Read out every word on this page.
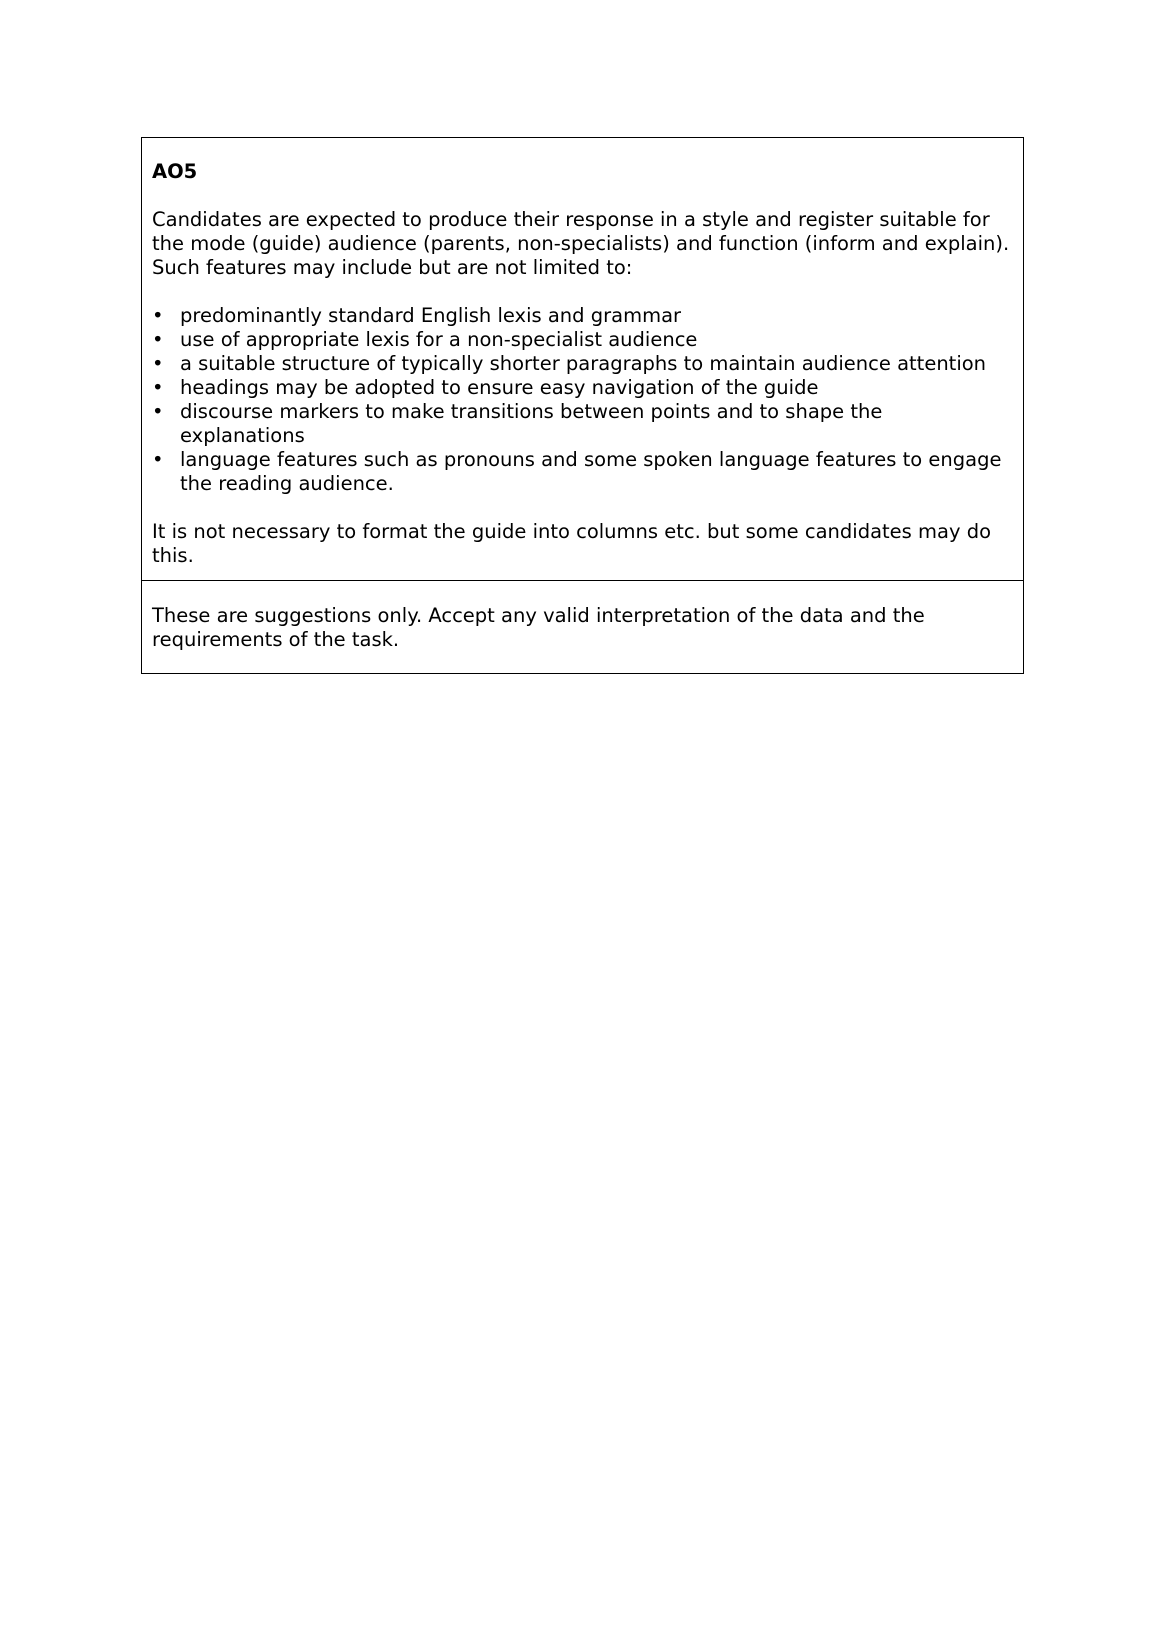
AO5

Candidates are expected to produce their response in a style and register suitable for the mode (guide) audience (parents, non-specialists) and function (inform and explain). Such features may include but are not limited to:

• predominantly standard English lexis and grammar
• use of appropriate lexis for a non-specialist audience
• a suitable structure of typically shorter paragraphs to maintain audience attention
• headings may be adopted to ensure easy navigation of the guide
• discourse markers to make transitions between points and to shape the explanations
• language features such as pronouns and some spoken language features to engage the reading audience.

It is not necessary to format the guide into columns etc. but some candidates may do this.

These are suggestions only. Accept any valid interpretation of the data and the requirements of the task.
